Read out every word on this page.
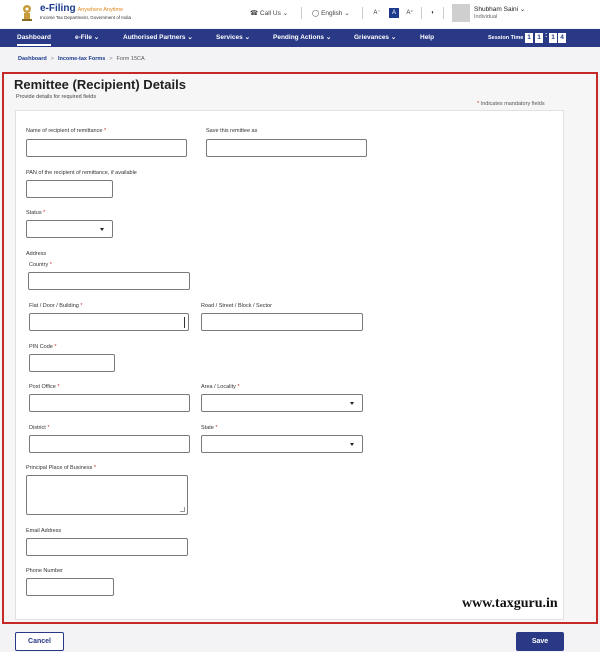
e-Filing Anywhere Anytime
Income Tax Department, Government of India
☎ Call Us ⌄	◯ English ⌄	A⁻	A	A⁺	◐	Shubham Saini ⌄
Individual
Dashboard	e-File ⌄	Authorised Partners ⌄	Services ⌄	Pending Actions ⌄	Grievances ⌄	Help	Session Time 1 1 : 1 4
Dashboard > Income-tax Forms > Form 15CA
Remittee (Recipient) Details
Provide details for required fields
* Indicates mandatory fields
Name of recipient of remittance *	Save this remittee as
PAN of the recipient of remittance, if available
Status *
Address
Country *
Flat / Door / Building *	Road / Street / Block / Sector
PIN Code *
Post Office *	Area / Locality *
District *	State *
Principal Place of Business *
Email Address
Phone Number
www.taxguru.in
Cancel	Save
